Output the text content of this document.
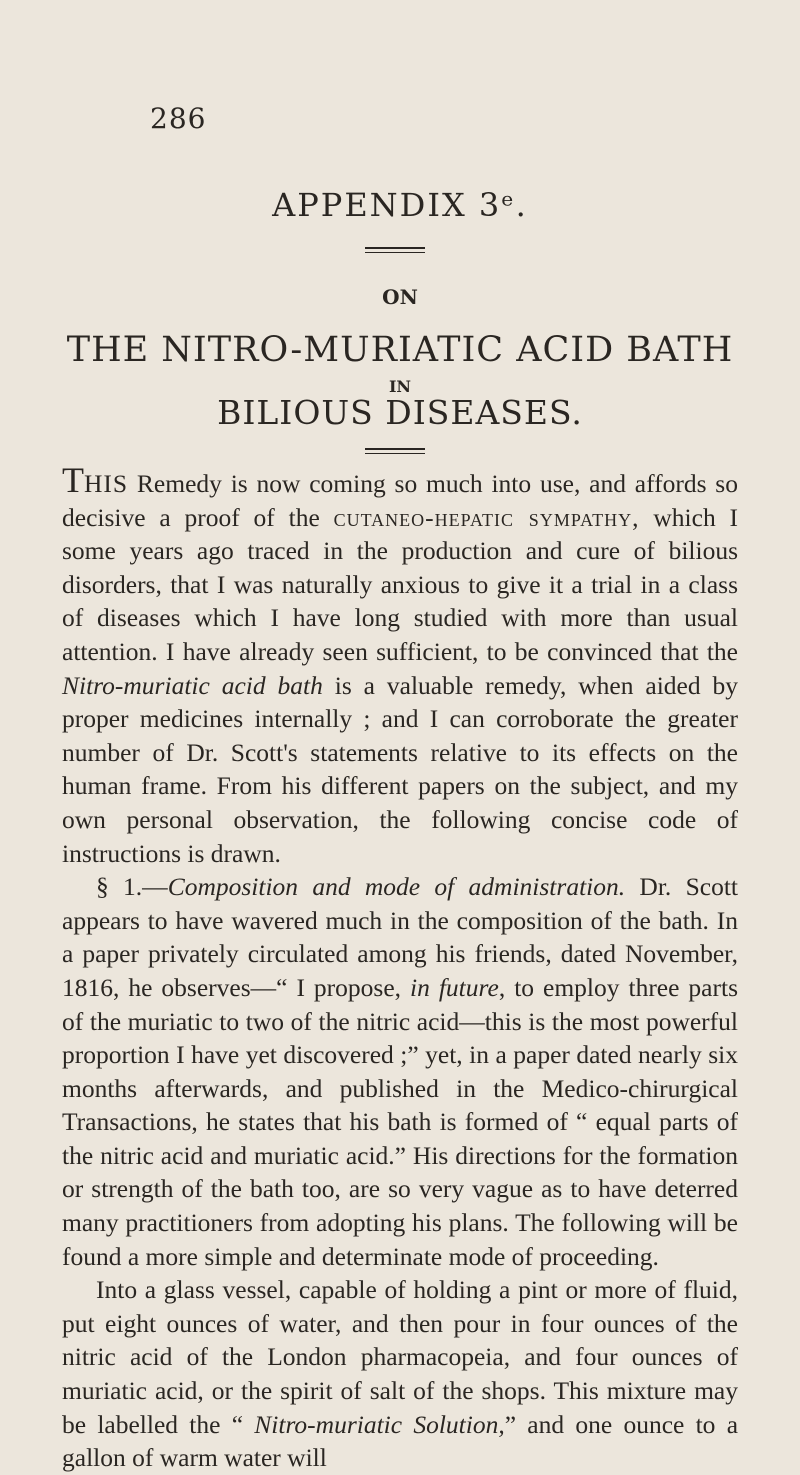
286
APPENDIX 3ᵉ.
ON
THE NITRO-MURIATIC ACID BATH
IN
BILIOUS DISEASES.

THIS Remedy is now coming so much into use, and affords so decisive a proof of the cutaneo-hepatic sympathy, which I some years ago traced in the production and cure of bilious disorders, that I was naturally anxious to give it a trial in a class of diseases which I have long studied with more than usual attention. I have already seen sufficient, to be convinced that the Nitro-muriatic acid bath is a valuable remedy, when aided by proper medicines internally ; and I can corroborate the greater number of Dr. Scott's statements relative to its effects on the human frame. From his different papers on the subject, and my own personal observation, the following concise code of instructions is drawn.

§ 1.—Composition and mode of administration. Dr. Scott appears to have wavered much in the composition of the bath. In a paper privately circulated among his friends, dated November, 1816, he observes—“ I propose, in future, to employ three parts of the muriatic to two of the nitric acid—this is the most powerful proportion I have yet discovered ;” yet, in a paper dated nearly six months afterwards, and published in the Medico-chirurgical Transactions, he states that his bath is formed of “ equal parts of the nitric acid and muriatic acid.” His directions for the formation or strength of the bath too, are so very vague as to have deterred many practitioners from adopting his plans. The following will be found a more simple and determinate mode of proceeding.

Into a glass vessel, capable of holding a pint or more of fluid, put eight ounces of water, and then pour in four ounces of the nitric acid of the London pharmacopeia, and four ounces of muriatic acid, or the spirit of salt of the shops. This mixture may be labelled the “ Nitro-muriatic Solution,” and one ounce to a gallon of warm water will
